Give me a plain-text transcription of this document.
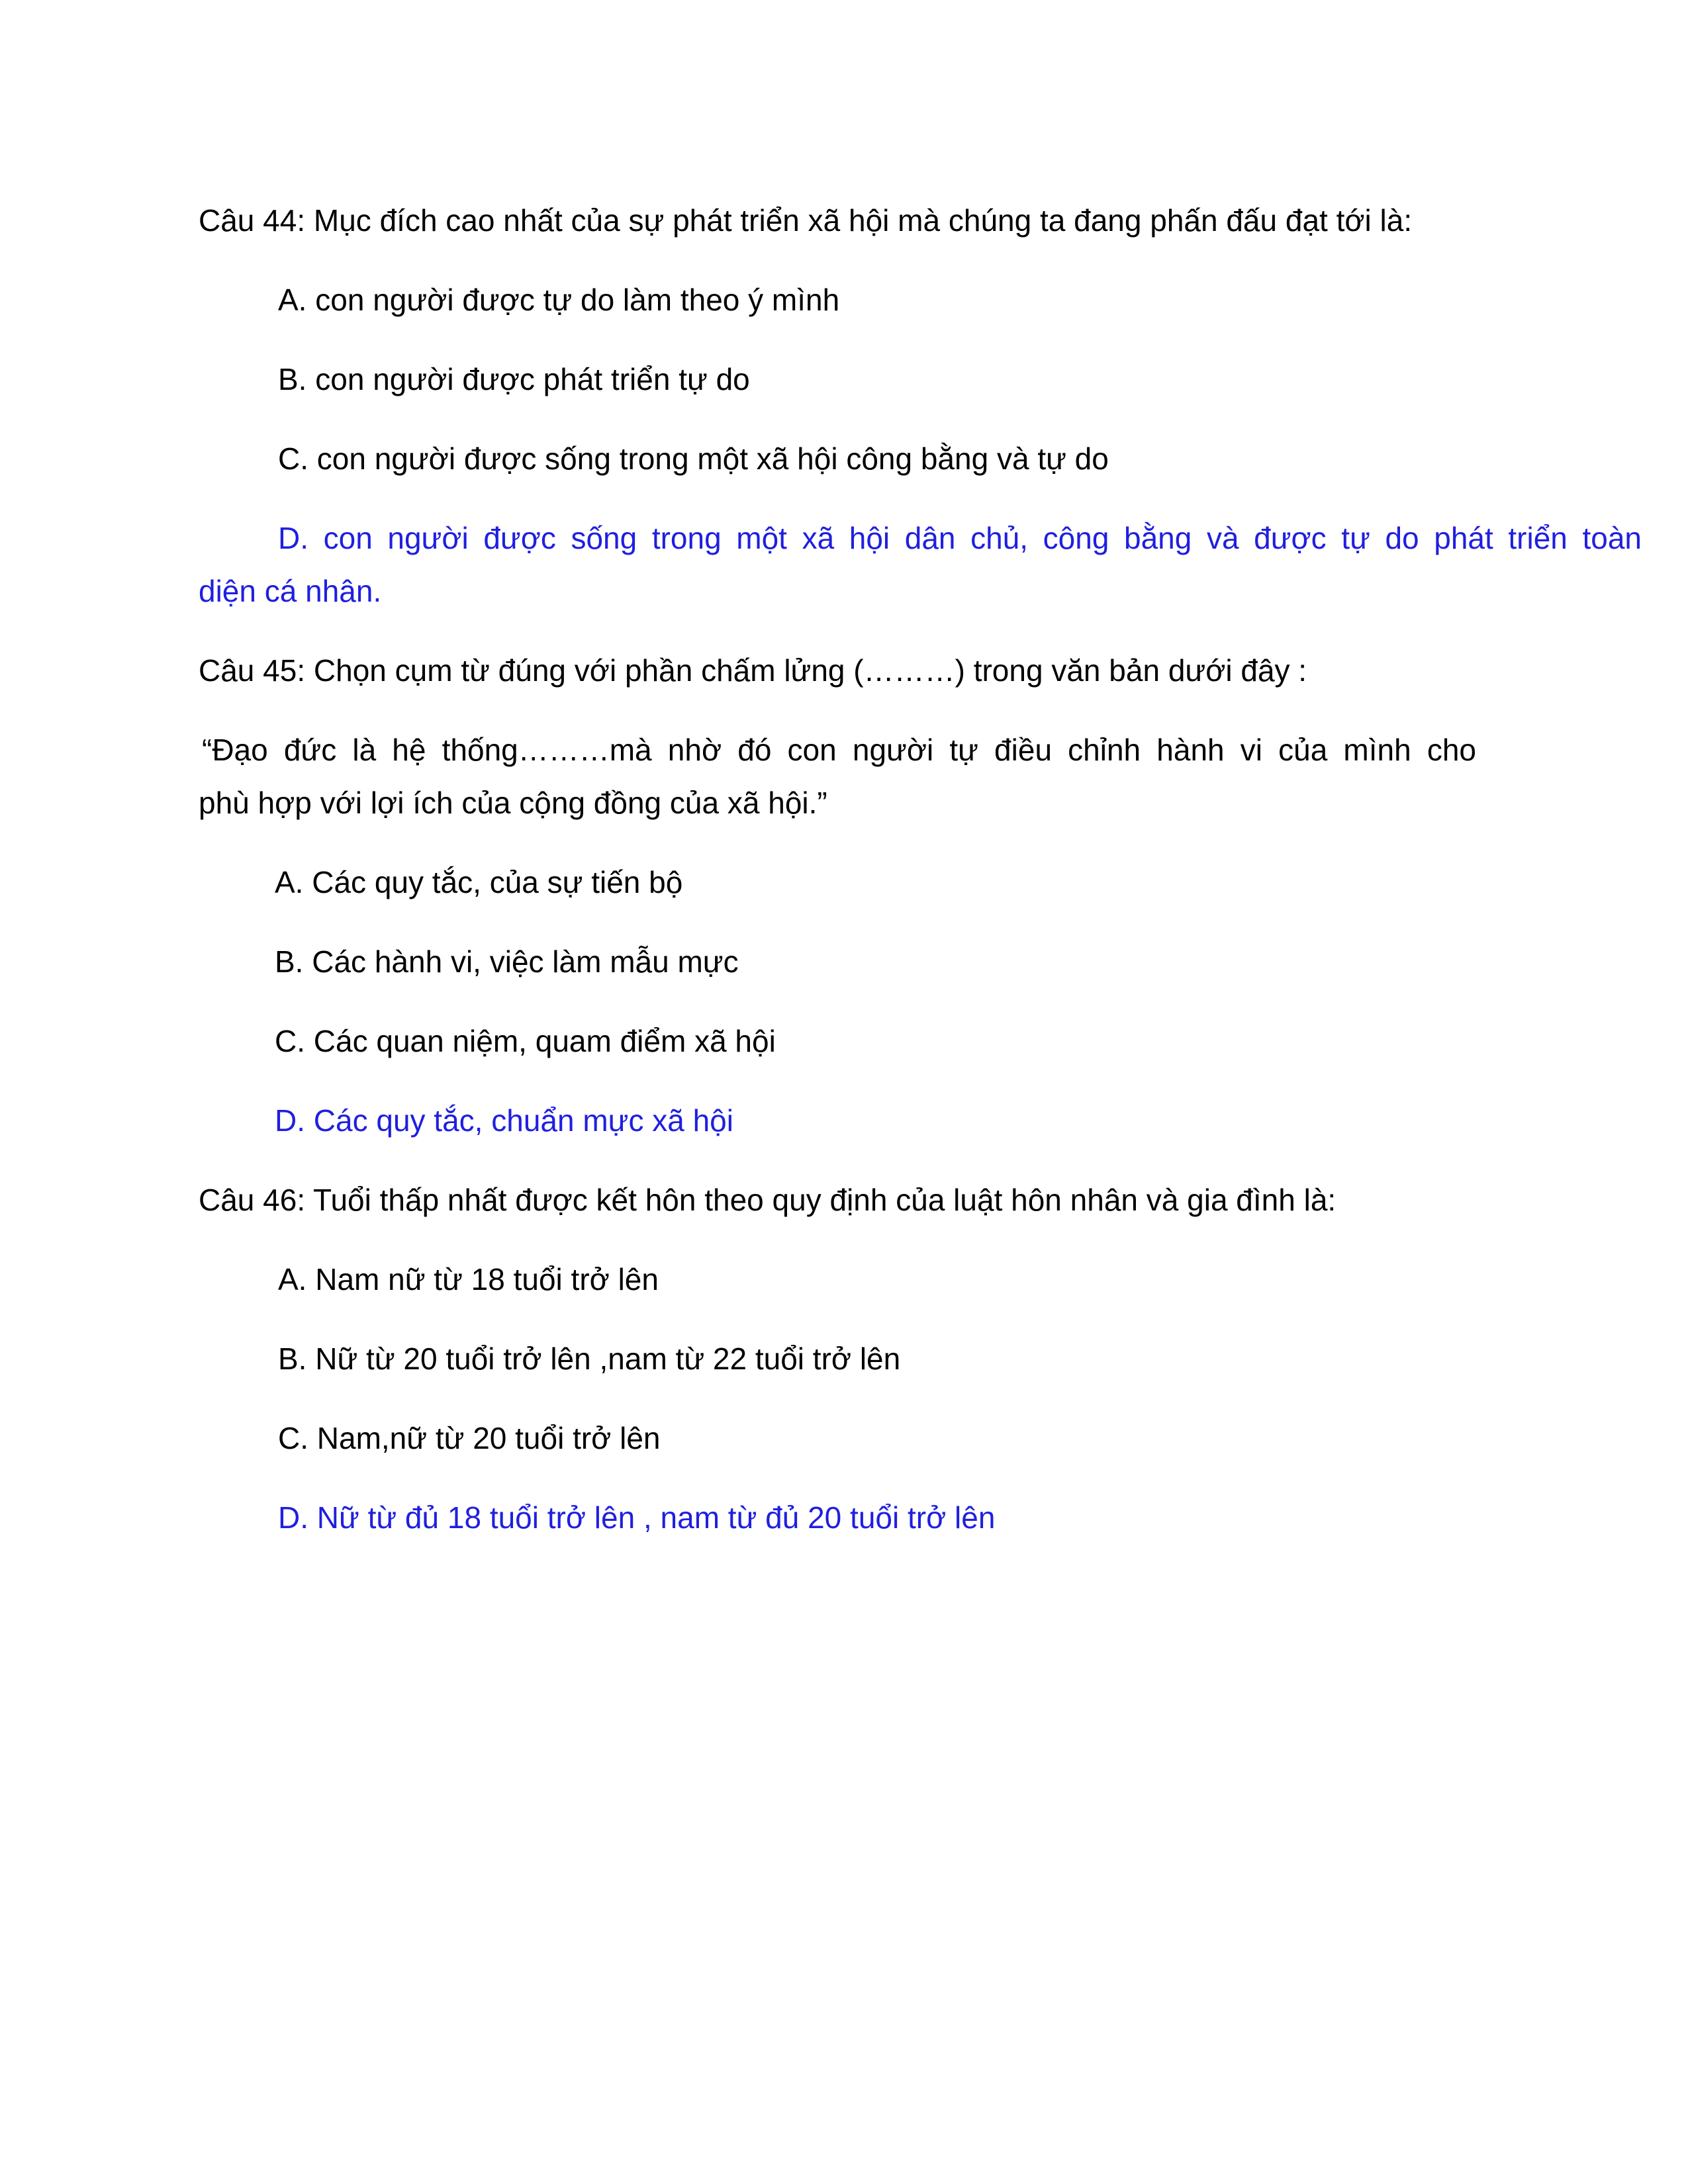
Câu 44: Mục đích cao nhất của sự phát triển xã hội mà chúng ta đang phấn đấu đạt tới là:
A. con người được tự do làm theo ý mình
B. con người được phát triển tự do
C. con người được sống trong một xã hội công bằng và tự do
D. con người được sống trong một xã hội dân chủ, công bằng và được tự do phát triển toàn
diện cá nhân.
Câu 45: Chọn cụm từ đúng với phần chấm lửng (………) trong văn bản dưới đây :
“Đạo đức là hệ thống………mà nhờ đó con người tự điều chỉnh hành vi của mình cho
phù hợp với lợi ích của cộng đồng của xã hội.”
A. Các quy tắc, của sự tiến bộ
B. Các hành vi, việc làm mẫu mực
C. Các quan niệm, quam điểm xã hội
D. Các quy tắc, chuẩn mực xã hội
Câu 46: Tuổi thấp nhất được kết hôn theo quy định của luật hôn nhân và gia đình là:
A. Nam nữ từ 18 tuổi trở lên
B. Nữ từ 20 tuổi trở lên ,nam từ 22 tuổi trở lên
C. Nam,nữ từ 20 tuổi trở lên
D. Nữ từ đủ 18 tuổi trở lên , nam từ đủ 20 tuổi trở lên
